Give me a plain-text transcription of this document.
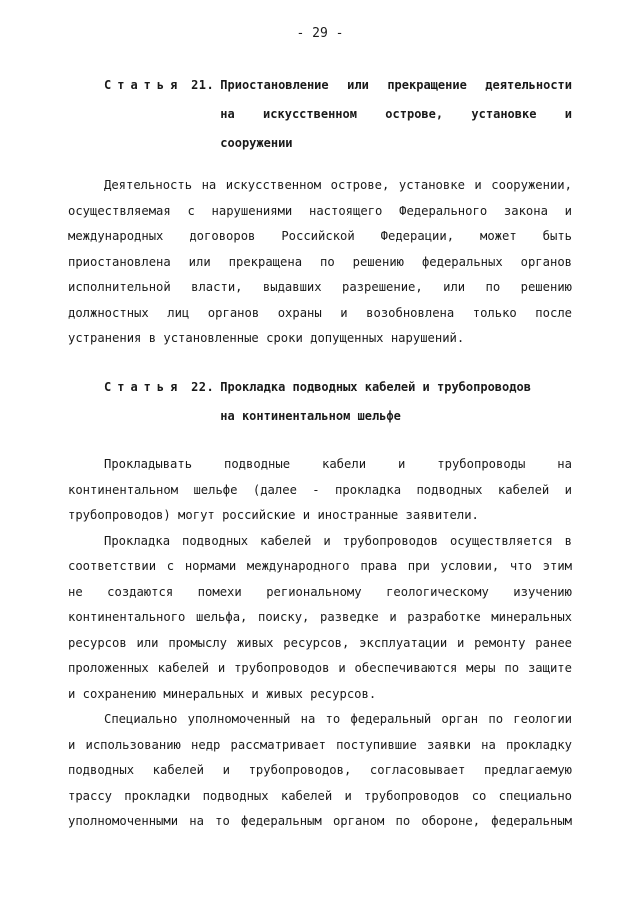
- 29 -
Статья 21. Приостановление или прекращение деятельности
на искусственном острове, установке и
сооружении
Деятельность на искусственном острове, установке и сооружении,
осуществляемая с нарушениями настоящего Федерального закона и
международных договоров Российской Федерации, может быть
приостановлена или прекращена по решению федеральных органов
исполнительной власти, выдавших разрешение, или по решению
должностных лиц органов охраны и возобновлена только после
устранения в установленные сроки допущенных нарушений.
Статья 22. Прокладка подводных кабелей и трубопроводов
на континентальном шельфе
Прокладывать подводные кабели и трубопроводы на
континентальном шельфе (далее - прокладка подводных кабелей и
трубопроводов) могут российские и иностранные заявители.
Прокладка подводных кабелей и трубопроводов осуществляется в
соответствии с нормами международного права при условии, что этим
не создаются помехи региональному геологическому изучению
континентального шельфа, поиску, разведке и разработке минеральных
ресурсов или промыслу живых ресурсов, эксплуатации и ремонту ранее
проложенных кабелей и трубопроводов и обеспечиваются меры по защите
и сохранению минеральных и живых ресурсов.
Специально уполномоченный на то федеральный орган по геологии
и использованию недр рассматривает поступившие заявки на прокладку
подводных кабелей и трубопроводов, согласовывает предлагаемую
трассу прокладки подводных кабелей и трубопроводов со специально
уполномоченными на то федеральным органом по обороне, федеральным
